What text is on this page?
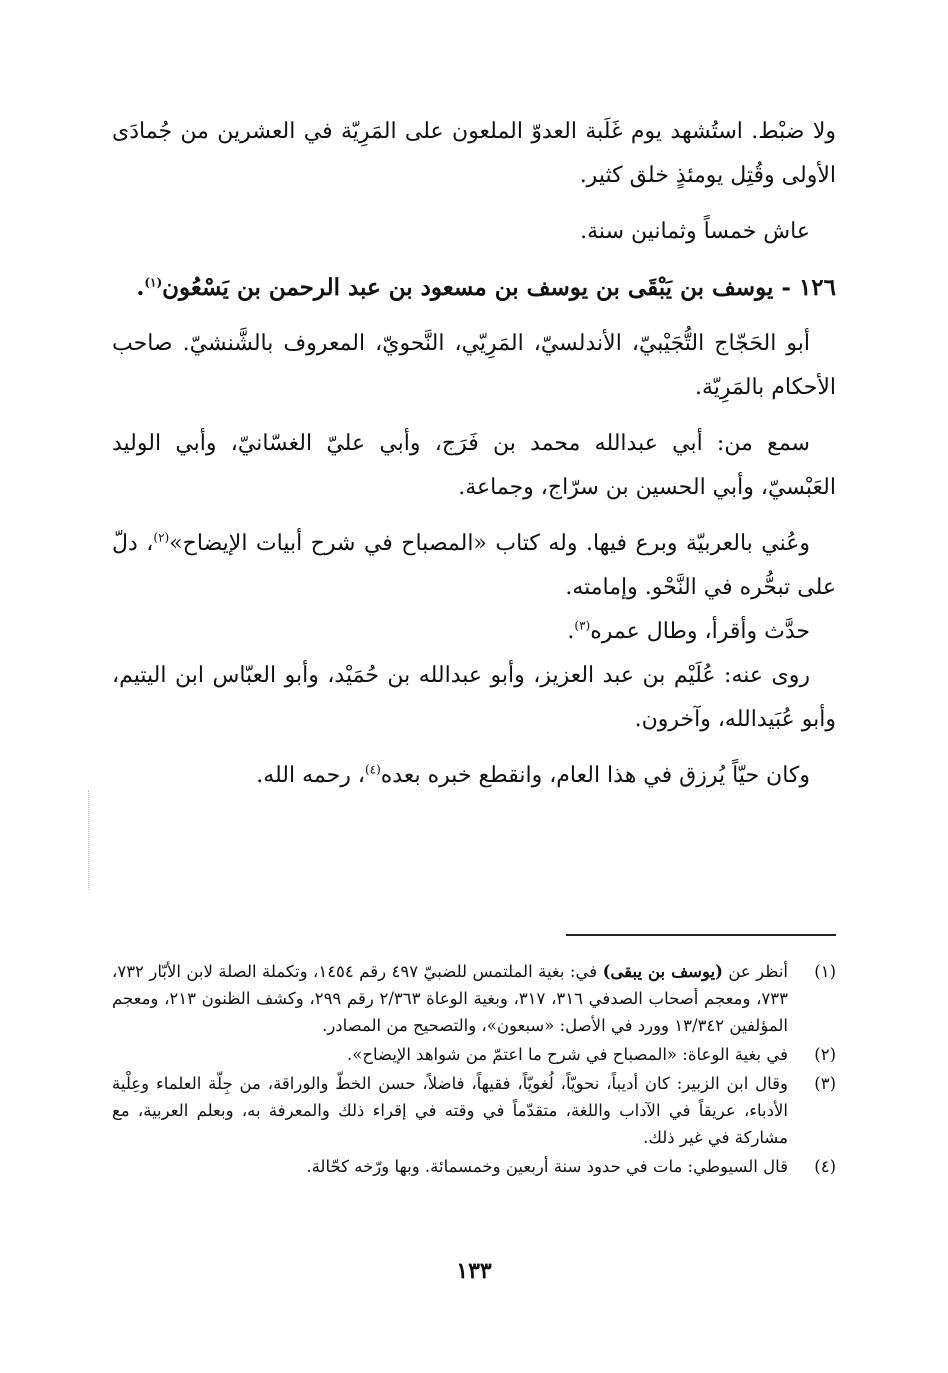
ولا ضبْط. استُشهد يوم غَلَبة العدوّ الملعون على المَرِيّة في العشرين من جُمادَى الأولى وقُتِل يومئذٍ خلق كثير.

عاش خمساً وثمانين سنة.

١٢٦ - يوسف بن يَبْقَى بن يوسف بن مسعود بن عبد الرحمن بن يَسْعُون$^{(١)}$.

أبو الحَجّاج التُّجَيْبيّ، الأندلسيّ، المَرِيّي، النَّحويّ، المعروف بالشَّنشيّ. صاحب الأحكام بالمَرِيّة.

سمع من: أبي عبدالله محمد بن فَرَج، وأبي عليّ الغسّانيّ، وأبي الوليد العَبْسيّ، وأبي الحسين بن سرّاج، وجماعة.

وعُني بالعربيّة وبرع فيها. وله كتاب «المصباح في شرح أبيات الإيضاح»$^{(٢)}$، دلّ على تبحُّره في النَّحْو. وإمامته.

حدَّث وأقرأ، وطال عمره$^{(٣)}$.

روى عنه: عُلَيْم بن عبد العزيز، وأبو عبدالله بن حُمَيْد، وأبو العبّاس ابن اليتيم، وأبو عُبَيدالله، وآخرون.

وكان حيّاً يُرزق في هذا العام، وانقطع خبره بعده$^{(٤)}$، رحمه الله.

(١)
أنظر عن (يوسف بن يبقى) في: بغية الملتمس للضبيّ ٤٩٧ رقم ١٤٥٤، وتكملة الصلة لابن الأبّار ٧٣٢، ٧٣٣، ومعجم أصحاب الصدفي ٣١٦، ٣١٧، وبغية الوعاة ٢/٣٦٣ رقم ٢٩٩، وكشف الظنون ٢١٣، ومعجم المؤلفين ١٣/٣٤٢ وورد في الأصل: «سبعون»، والتصحيح من المصادر.
(٢)
في بغية الوعاة: «المصباح في شرح ما اعتمّ من شواهد الإيضاح».
(٣)
وقال ابن الزبير: كان أديباً، نحويّاً، لُغويّاً، فقيهاً، فاضلاً، حسن الخطّ والوراقة، من جِلّة العلماء وعِلْية الأدباء، عريقاً في الآداب واللغة، متقدّماً في وقته في إقراء ذلك والمعرفة به، وبعلم العربية، مع مشاركة في غير ذلك.
(٤)
قال السيوطي: مات في حدود سنة أربعين وخمسمائة. وبها ورّخه كحّالة.
١٣٣
